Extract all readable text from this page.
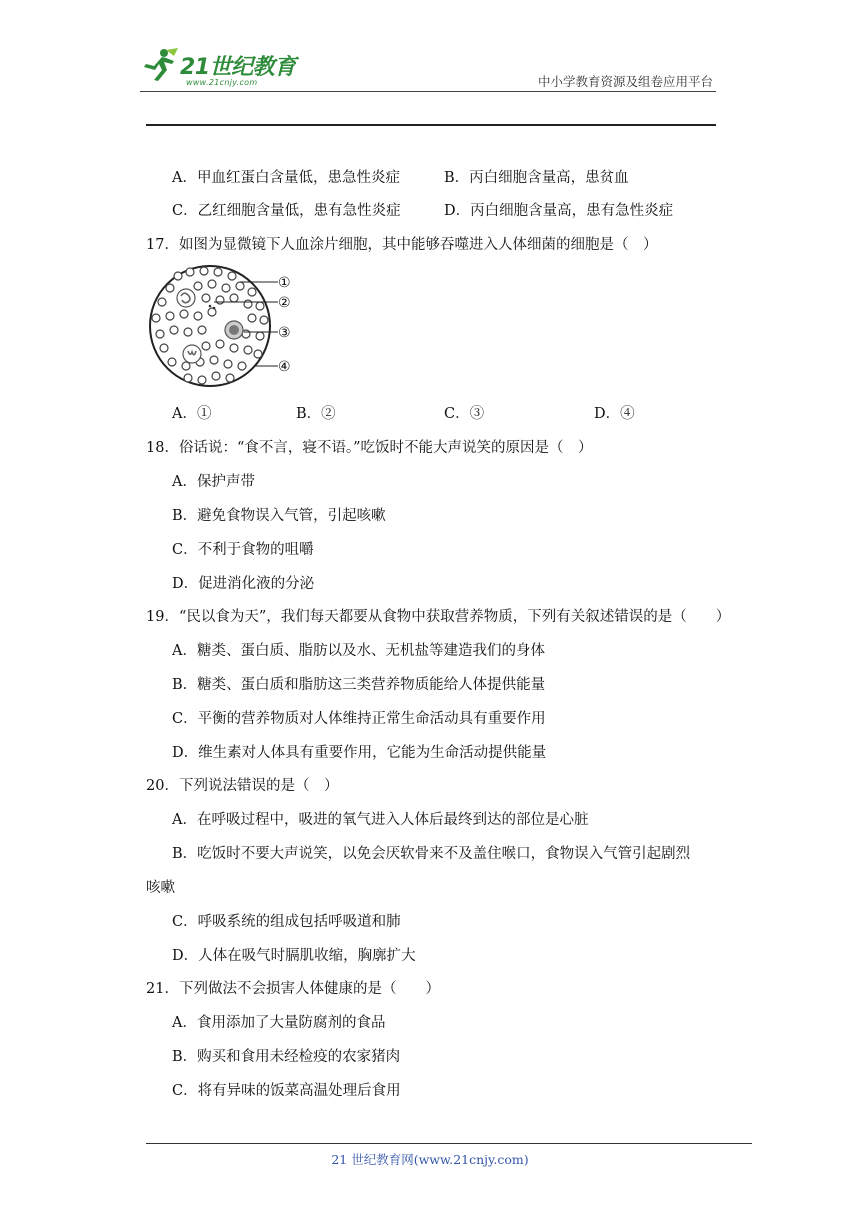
21世纪教育
www.21cnjy.com	中小学教育资源及组卷应用平台
A．甲血红蛋白含量低，患急性炎症	B．丙白细胞含量高，患贫血
C．乙红细胞含量低，患有急性炎症	D．丙白细胞含量高，患有急性炎症
17．如图为显微镜下人血涂片细胞，其中能够吞噬进入人体细菌的细胞是（　）
①
②
③
④
A．①	B．②	C．③	D．④
18．俗话说：“食不言，寝不语。”吃饭时不能大声说笑的原因是（　）
A．保护声带
B．避免食物误入气管，引起咳嗽
C．不利于食物的咀嚼
D．促进消化液的分泌
19．“民以食为天”，我们每天都要从食物中获取营养物质，下列有关叙述错误的是（　　）
A．糖类、蛋白质、脂肪以及水、无机盐等建造我们的身体
B．糖类、蛋白质和脂肪这三类营养物质能给人体提供能量
C．平衡的营养物质对人体维持正常生命活动具有重要作用
D．维生素对人体具有重要作用，它能为生命活动提供能量
20．下列说法错误的是（　）
A．在呼吸过程中，吸进的氧气进入人体后最终到达的部位是心脏
B．吃饭时不要大声说笑，以免会厌软骨来不及盖住喉口，食物误入气管引起剧烈
咳嗽
C．呼吸系统的组成包括呼吸道和肺
D．人体在吸气时膈肌收缩，胸廓扩大
21．下列做法不会损害人体健康的是（　　）
A．食用添加了大量防腐剂的食品
B．购买和食用未经检疫的农家猪肉
C．将有异味的饭菜高温处理后食用
21 世纪教育网(www.21cnjy.com)
